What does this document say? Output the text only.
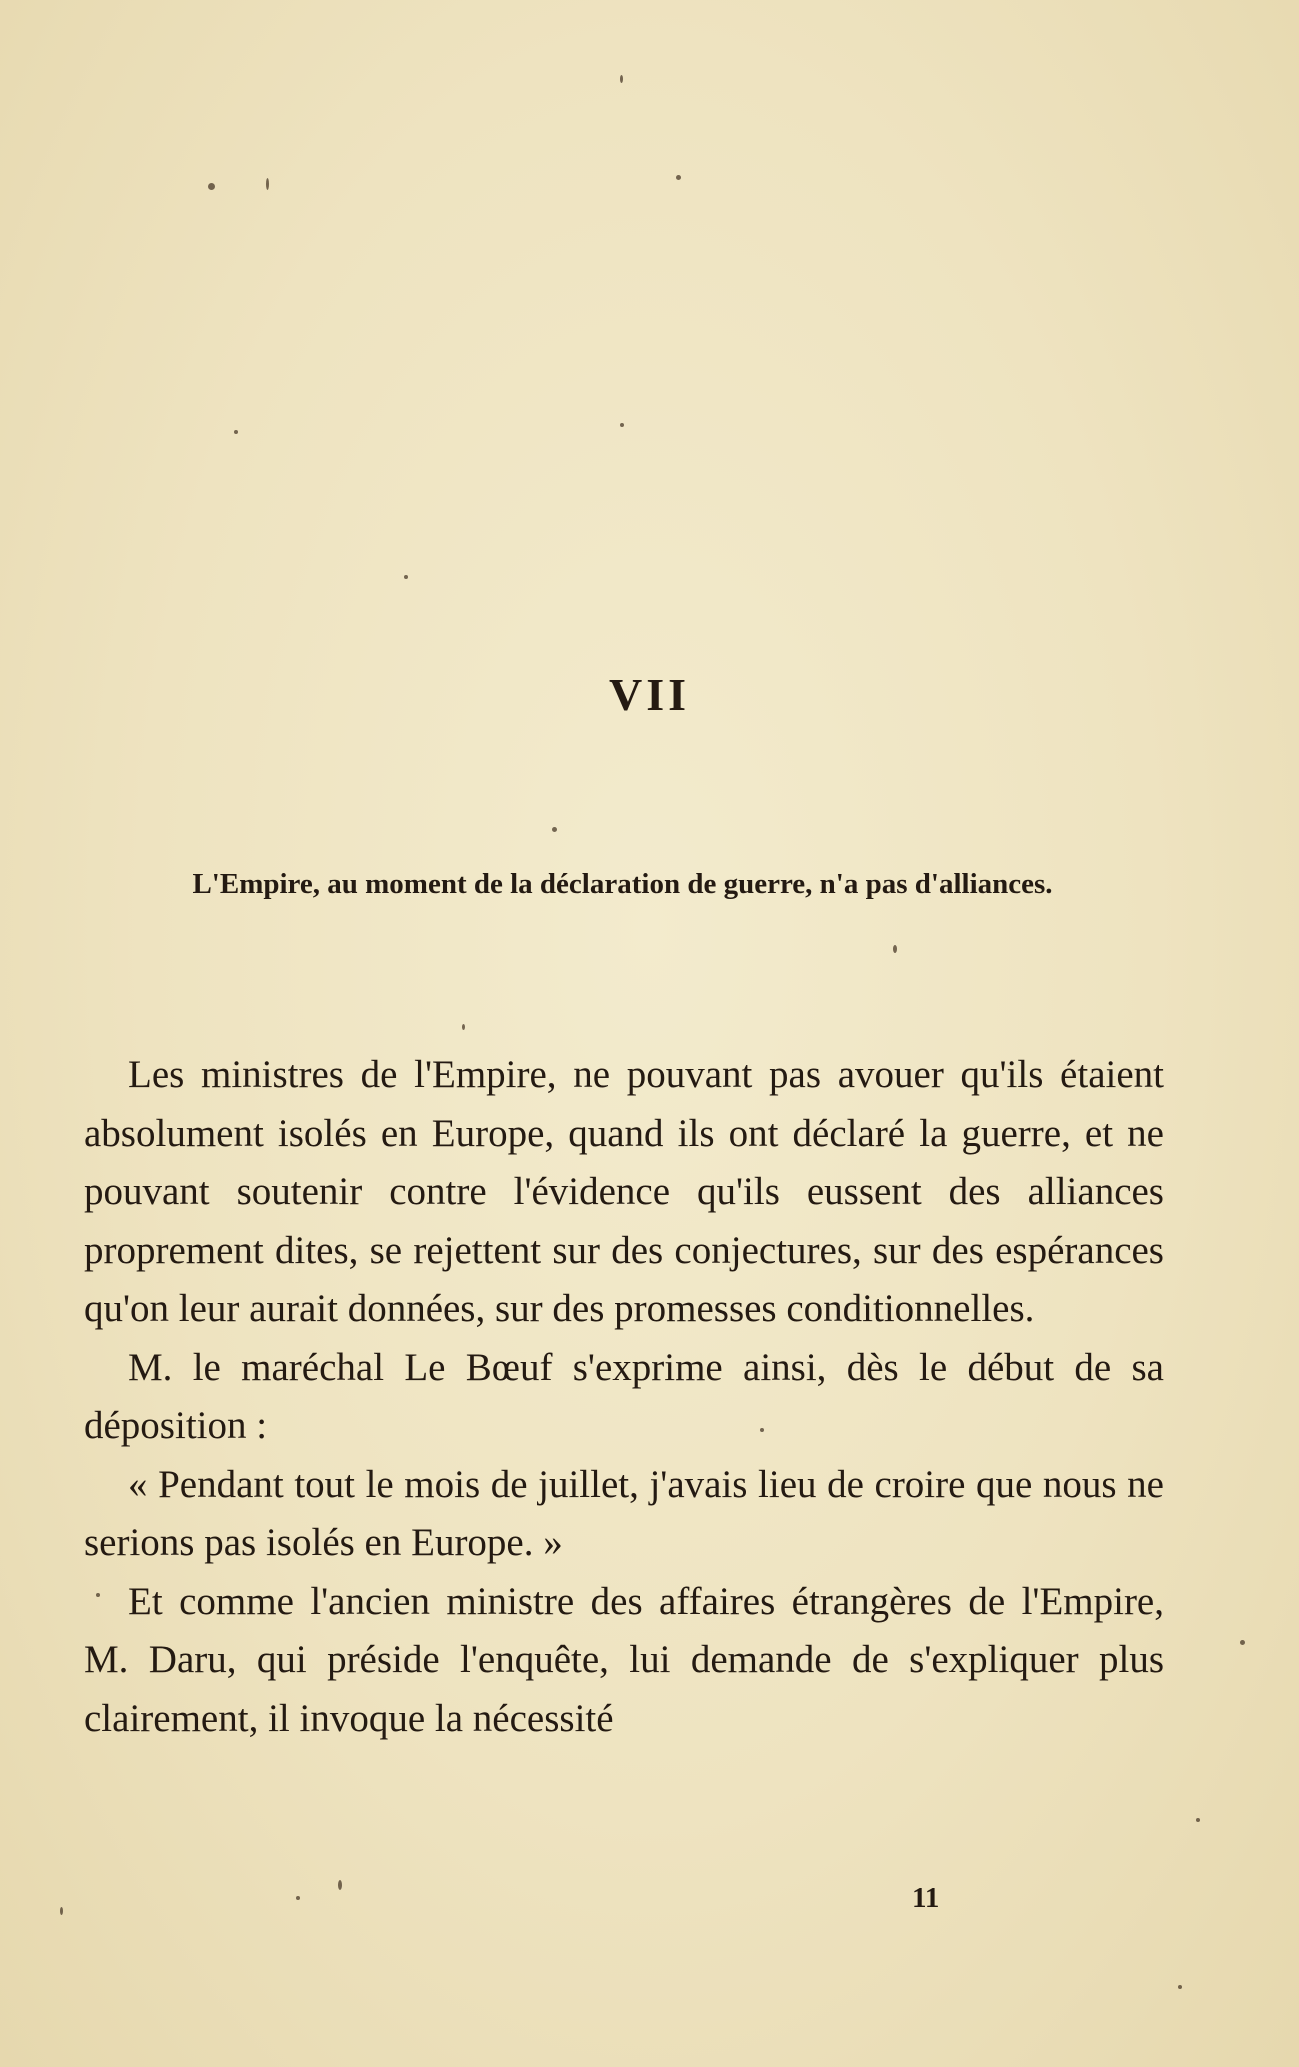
VII
L'Empire, au moment de la déclaration de guerre, n'a pas d'alliances.

Les ministres de l'Empire, ne pouvant pas avouer qu'ils étaient absolument isolés en Europe, quand ils ont déclaré la guerre, et ne pouvant soutenir contre l'évidence qu'ils eussent des alliances proprement dites, se rejettent sur des conjectures, sur des espérances qu'on leur aurait données, sur des promesses conditionnelles.

M. le maréchal Le Bœuf s'exprime ainsi, dès le début de sa déposition :

« Pendant tout le mois de juillet, j'avais lieu de croire que nous ne serions pas isolés en Europe. »

Et comme l'ancien ministre des affaires étrangères de l'Empire, M. Daru, qui préside l'enquête, lui demande de s'expliquer plus clairement, il invoque la nécessité

11
